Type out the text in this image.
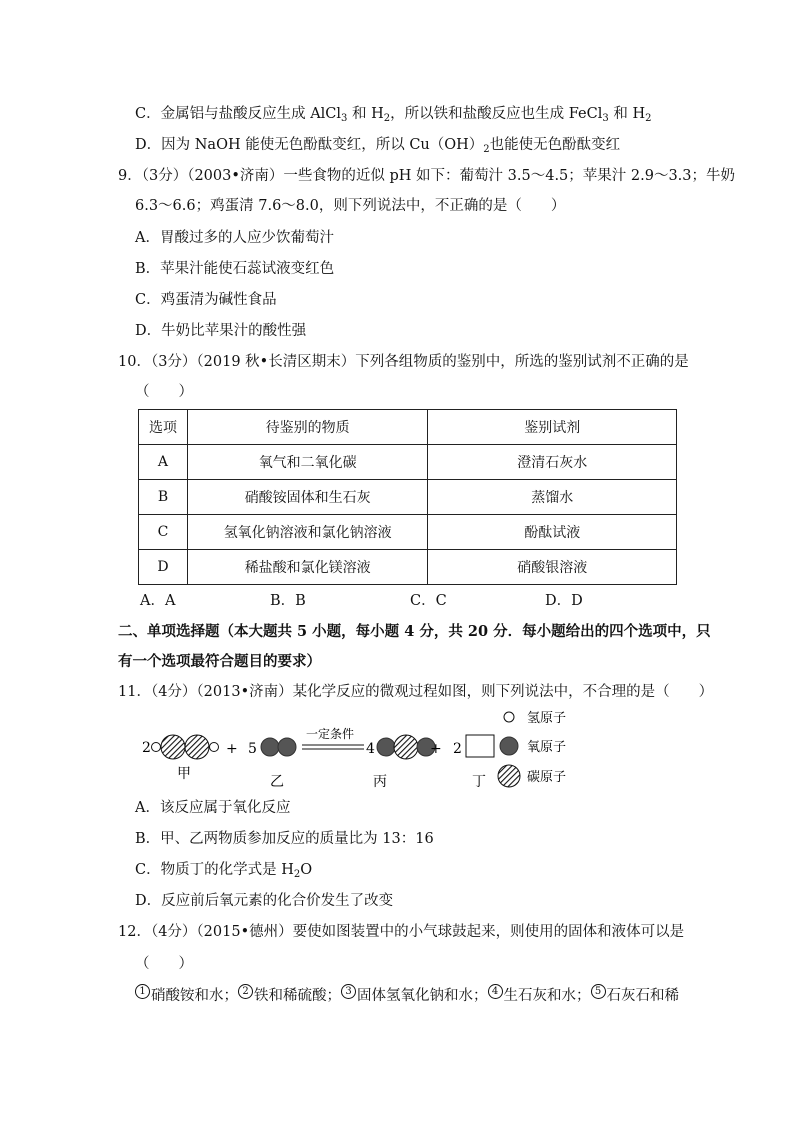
C．金属铝与盐酸反应生成 AlCl$_3$ 和 $H_2$，所以铁和盐酸反应也生成 FeCl$_3$ 和 $H_2$
D．因为 NaOH 能使无色酚酞变红，所以 $Cu(OH)_2$也能使无色酚酞变红
9．（3分）（2003•济南）一些食物的近似 pH 如下：葡萄汁 3.5～4.5；苹果汁 2.9～3.3；牛奶
6.3～6.6；鸡蛋清 7.6～8.0，则下列说法中，不正确的是（　　）
A．胃酸过多的人应少饮葡萄汁
B．苹果汁能使石蕊试液变红色
C．鸡蛋清为碱性食品
D．牛奶比苹果汁的酸性强
10．（3分）（2019 秋•长清区期末）下列各组物质的鉴别中，所选的鉴别试剂不正确的是
（　　）
选项	待鉴别的物质	鉴别试剂
A	氧气和二氧化碳	澄清石灰水
B	硝酸铵固体和生石灰	蒸馏水
C	氢氧化钠溶液和氯化钠溶液	酚酞试液
D	稀盐酸和氯化镁溶液	硝酸银溶液
A．A	B．B	C．C	D．D
二、单项选择题（本大题共 5 小题，每小题 4 分，共 20 分．每小题给出的四个选项中，只
有一个选项最符合题目的要求）
11．（4分）（2013•济南）某化学反应的微观过程如图，则下列说法中，不合理的是（　　）
2	+
甲
5
乙
一定条件
4
丙
+ 2
丁
氢原子
氧原子
碳原子
A．该反应属于氧化反应
B．甲、乙两物质参加反应的质量比为 13：16
C．物质丁的化学式是 $H_2O$
D．反应前后氧元素的化合价发生了改变
12．（4分）（2015•德州）要使如图装置中的小气球鼓起来，则使用的固体和液体可以是
（　　）
1 硝酸铵和水； 2 铁和稀硫酸； 3 固体氢氧化钠和水； 4 生石灰和水； 5 石灰石和稀
